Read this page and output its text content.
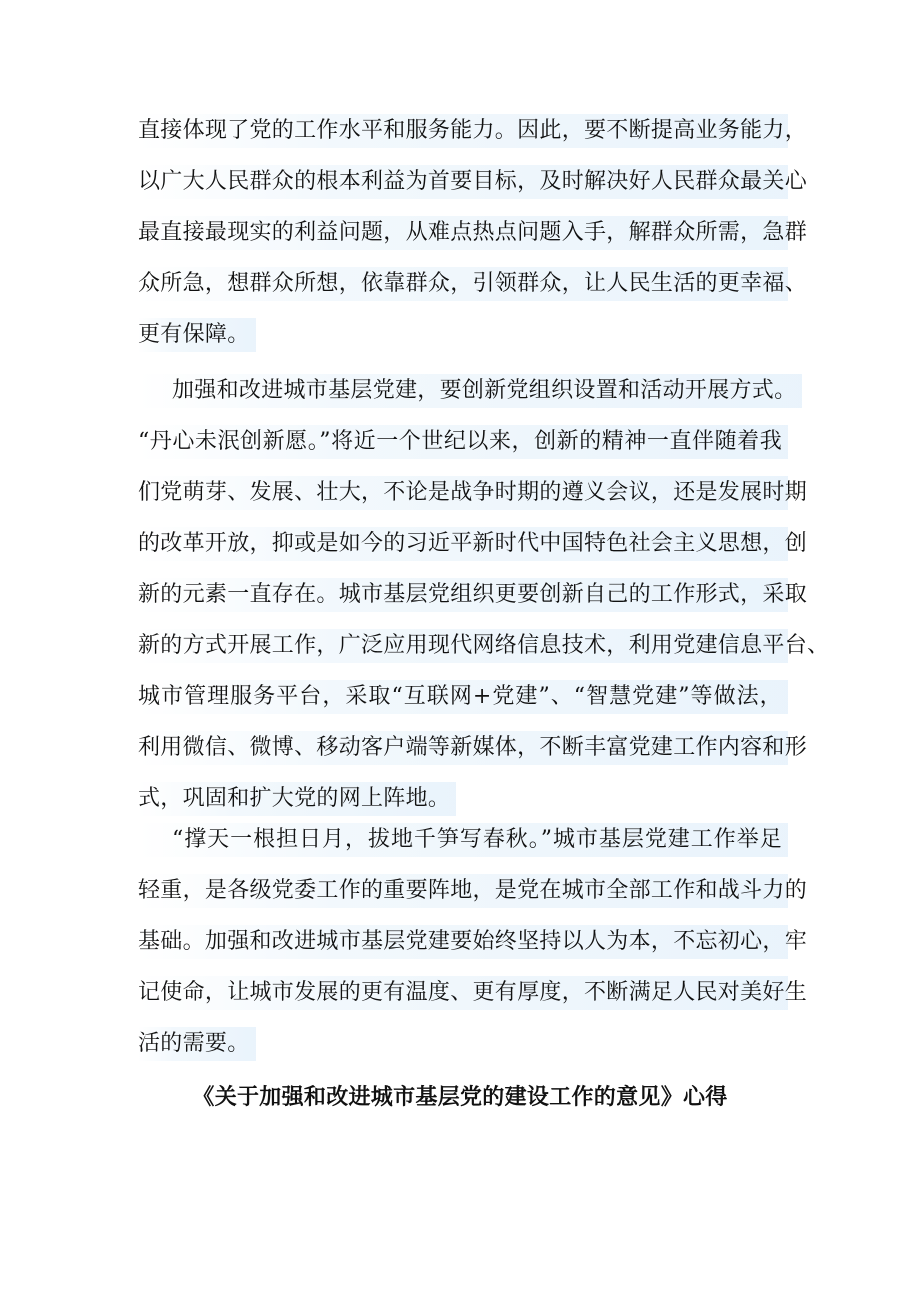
直接体现了党的工作水平和服务能力。因此，要不断提高业务能力，
以广大人民群众的根本利益为首要目标，及时解决好人民群众最关心
最直接最现实的利益问题，从难点热点问题入手，解群众所需，急群
众所急，想群众所想，依靠群众，引领群众，让人民生活的更幸福、
更有保障。
加强和改进城市基层党建，要创新党组织设置和活动开展方式。
“丹心未泯创新愿。”将近一个世纪以来，创新的精神一直伴随着我
们党萌芽、发展、壮大，不论是战争时期的遵义会议，还是发展时期
的改革开放，抑或是如今的习近平新时代中国特色社会主义思想，创
新的元素一直存在。城市基层党组织更要创新自己的工作形式，采取
新的方式开展工作，广泛应用现代网络信息技术，利用党建信息平台、
城市管理服务平台，采取“互联网+党建”、“智慧党建”等做法，
利用微信、微博、移动客户端等新媒体，不断丰富党建工作内容和形
式，巩固和扩大党的网上阵地。
“撑天一根担日月，拔地千笋写春秋。”城市基层党建工作举足
轻重，是各级党委工作的重要阵地，是党在城市全部工作和战斗力的
基础。加强和改进城市基层党建要始终坚持以人为本，不忘初心，牢
记使命，让城市发展的更有温度、更有厚度，不断满足人民对美好生
活的需要。
《关于加强和改进城市基层党的建设工作的意见》心得
